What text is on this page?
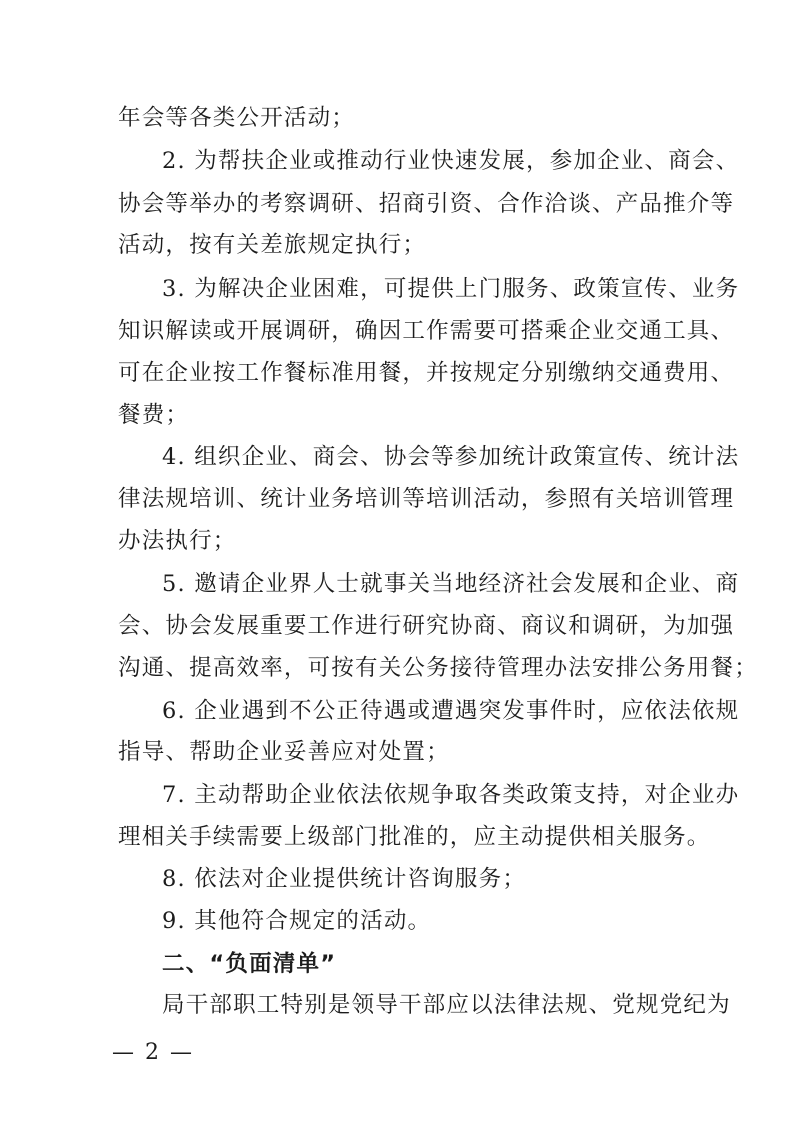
年会等各类公开活动；
2. 为帮扶企业或推动行业快速发展，参加企业、商会、
协会等举办的考察调研、招商引资、合作洽谈、产品推介等
活动，按有关差旅规定执行；
3. 为解决企业困难，可提供上门服务、政策宣传、业务
知识解读或开展调研，确因工作需要可搭乘企业交通工具、
可在企业按工作餐标准用餐，并按规定分别缴纳交通费用、
餐费；
4. 组织企业、商会、协会等参加统计政策宣传、统计法
律法规培训、统计业务培训等培训活动，参照有关培训管理
办法执行；
5. 邀请企业界人士就事关当地经济社会发展和企业、商
会、协会发展重要工作进行研究协商、商议和调研，为加强
沟通、提高效率，可按有关公务接待管理办法安排公务用餐；
6. 企业遇到不公正待遇或遭遇突发事件时，应依法依规
指导、帮助企业妥善应对处置；
7. 主动帮助企业依法依规争取各类政策支持，对企业办
理相关手续需要上级部门批准的，应主动提供相关服务。
8. 依法对企业提供统计咨询服务；
9. 其他符合规定的活动。
二、“负面清单”
局干部职工特别是领导干部应以法律法规、党规党纪为
— 2 —
